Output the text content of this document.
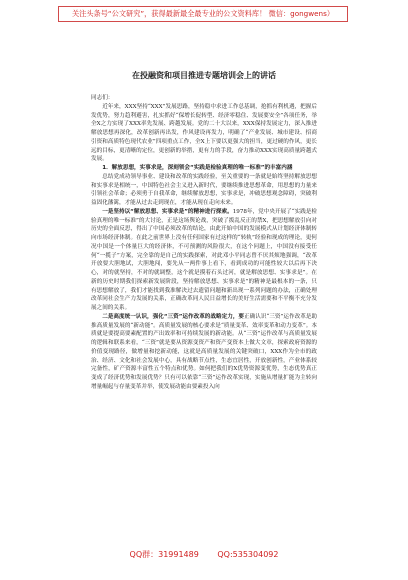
关注头条号“公文研究”，获得最新最全最专业的公文资料库！ 微信：gongwens）
在投融资和项目推进专题培训会上的讲话

同志们：

近年来，XXX坚持“XXX”发展思路，坚持稳中求进工作总基调，抢抓有利机遇，把握后发优势，努力趋利避害，扎实抓好“保增长促转型、经济零稳住、发展要安全”各项任务，举全X之力实现了XXX率先发展、跨越发展。党的二十大以来，XXX保持发展定力，深入推进解放思想再深化，改革创新再出发，作风建设再发力，明确了“产业发展、城市建设、招商引资和高质特色现代农业”四项重点工作，全X上下要以更强大的担当，更过硬的作风，更长远的目标，更清晰的定位，更创新的举措，更有力的手段，奋力推动XXX实现高质量跨越式发展。

1．解放思想，实事求是，深刻领会“实践是检验真理的唯一标准”的丰富内涵

总结党成功领导事业、建设和改革的实践经验，至关重要的一条就是始终坚持解放思想和实事求是相统一，中国特色社会主义进入新时代，要继续推进思想革命，用思想的力量来引领社会革命；必须勇于自我革命，继续解放思想，实事求是，冲破思想观念障碍，突破利益固化藩篱，才能从过去走到现在，才能从现在走向未来。

一是坚持以“解放思想、实事求是”的精神进行探索。1978年，党中央开展了“实践是检验真理的唯一标准”的大讨论，正是这场舆论战，突破了拨乱反正的禁X，把思想解放引向对历史的全面反思，得出了中国必须改革的结论，由此开始中国的发展模式从计划经济体制转向市场经济体制。在此之前世界上没有任何国家有过这样的“转轨”经验和现成的理论，更何况中国是一个体量巨大的经济体，不可预测的风险很大，在这个问题上，中国没有接受任何“一揽子”方案，完全靠的是自己的实践探索，对此邓小平同志曾不厌其烦地强调，“改革开放要大胆地试，大胆地闯，要先从一两件事上看下，看到成功的可能性较大以后再下决心，对的就坚持，不对的就调整，这个就是摸着石头过河，就是解放思想、实事求是”。在新的历史时期我们探索新发展阶段，坚持解放思想、实事求是”的精神是最根本的一条，只有思想解放了，我们才能找到我准解决过去遗留问题和新出现一系列问题的办法，正确处理改革同社会生产力发展的关系，正确改革同人民日益增长的美好生活需要和不平衡不充分发展之间的关系。

二是高度统一认识，强化“三资”运作改革的战略定力，要正确认识“三资”运作改革是助推高质量发展的“新动能”。高质量发展的核心要求是“质量变革、效率变革和动力变革”。本质就是要提高要素配置的产出效率和可持续发展的新动能。从“三资”运作改革与高质量发展的逻辑和联系来看，“三资”就是要从资源变资产和资产变资本上做大文章，探索政府资源的价值变现路径，做增量和挖新动能，这就是高质量发展的关键突破口，XXX作为全市的政治、经济、文化和社会发展中心，具有战略节点性，生态宜居性，开放创新性，产业体系较完备性，矿产资源丰富性五个特点和优势。如何把我们的X优势资源变优势，生态优势真正变成了经济优势和发展优势？只有可以依靠“三资”运作改革实现，实施从增量扩能为主转向增量崛起与存量变革并举，使发展动能由要素投入向

QQ群：31991489 QQ:535304092
